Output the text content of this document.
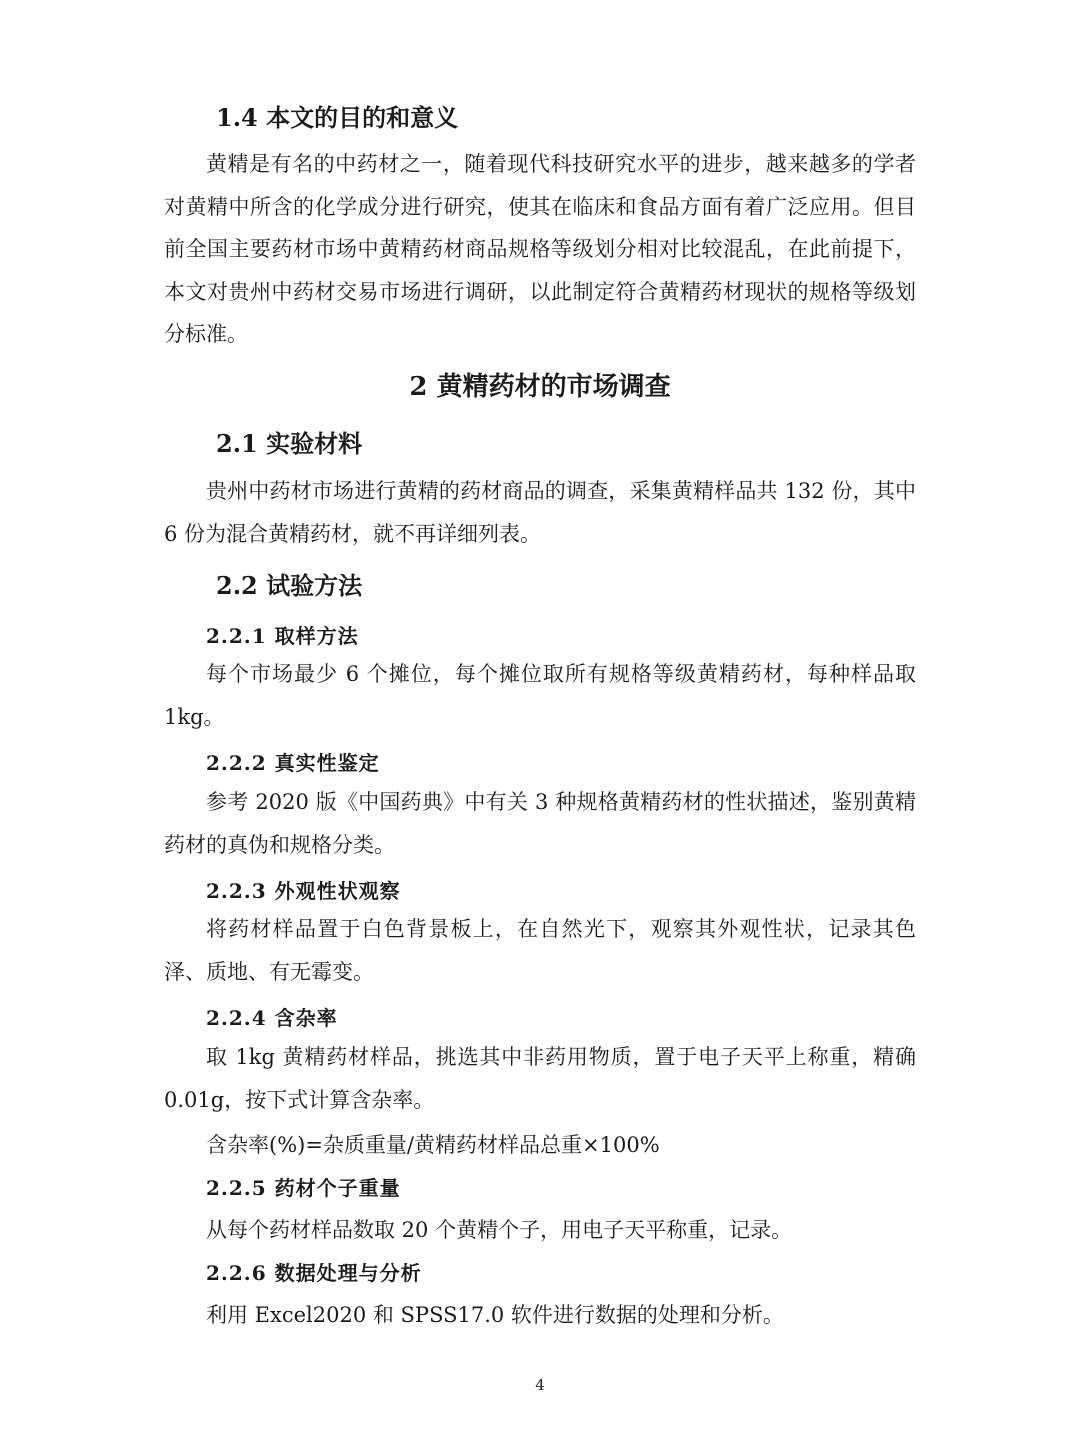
1.4 本文的目的和意义

黄精是有名的中药材之一，随着现代科技研究水平的进步，越来越多的学者对黄精中所含的化学成分进行研究，使其在临床和食品方面有着广泛应用。但目前全国主要药材市场中黄精药材商品规格等级划分相对比较混乱，在此前提下，本文对贵州中药材交易市场进行调研，以此制定符合黄精药材现状的规格等级划分标准。

2 黄精药材的市场调查
2.1 实验材料

贵州中药材市场进行黄精的药材商品的调查，采集黄精样品共 132 份，其中 6 份为混合黄精药材，就不再详细列表。

2.2 试验方法
2.2.1 取样方法

每个市场最少 6 个摊位，每个摊位取所有规格等级黄精药材，每种样品取 1kg。

2.2.2 真实性鉴定

参考 2020 版《中国药典》中有关 3 种规格黄精药材的性状描述，鉴别黄精药材的真伪和规格分类。

2.2.3 外观性状观察

将药材样品置于白色背景板上，在自然光下，观察其外观性状，记录其色泽、质地、有无霉变。

2.2.4 含杂率

取 1kg 黄精药材样品，挑选其中非药用物质，置于电子天平上称重，精确 0.01g，按下式计算含杂率。

含杂率(%)=杂质重量/黄精药材样品总重×100%
2.2.5 药材个子重量
从每个药材样品数取 20 个黄精个子，用电子天平称重，记录。
2.2.6 数据处理与分析
利用 Excel2020 和 SPSS17.0 软件进行数据的处理和分析。
4
